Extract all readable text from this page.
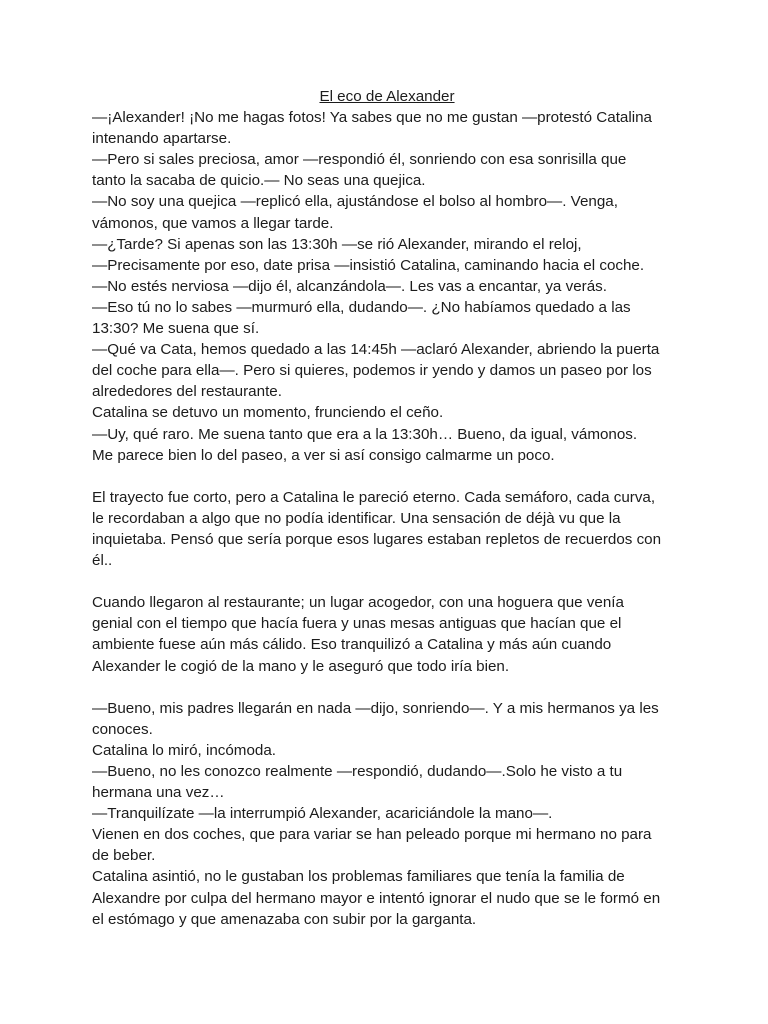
El eco de Alexander

—¡Alexander! ¡No me hagas fotos! Ya sabes que no me gustan —protestó Catalina
intenando apartarse.

—Pero si sales preciosa, amor —respondió él, sonriendo con esa sonrisilla que
tanto la sacaba de quicio.— No seas una quejica.

—No soy una quejica —replicó ella, ajustándose el bolso al hombro—. Venga,
vámonos, que vamos a llegar tarde.

—¿Tarde? Si apenas son las 13:30h —se rió Alexander, mirando el reloj,

—Precisamente por eso, date prisa —insistió Catalina, caminando hacia el coche.

—No estés nerviosa —dijo él, alcanzándola—. Les vas a encantar, ya verás.

—Eso tú no lo sabes —murmuró ella, dudando—. ¿No habíamos quedado a las
13:30? Me suena que sí.

—Qué va Cata, hemos quedado a las 14:45h —aclaró Alexander, abriendo la puerta
del coche para ella—. Pero si quieres, podemos ir yendo y damos un paseo por los
alrededores del restaurante.

Catalina se detuvo un momento, frunciendo el ceño.

—Uy, qué raro. Me suena tanto que era a la 13:30h… Bueno, da igual, vámonos.
Me parece bien lo del paseo, a ver si así consigo calmarme un poco.

El trayecto fue corto, pero a Catalina le pareció eterno. Cada semáforo, cada curva,
le recordaban a algo que no podía identificar. Una sensación de déjà vu que la
inquietaba. Pensó que sería porque esos lugares estaban repletos de recuerdos con
él..

Cuando llegaron al restaurante; un lugar acogedor, con una hoguera que venía
genial con el tiempo que hacía fuera y unas mesas antiguas que hacían que el
ambiente fuese aún más cálido. Eso tranquilizó a Catalina y más aún cuando
Alexander le cogió de la mano y le aseguró que todo iría bien.

—Bueno, mis padres llegarán en nada —dijo, sonriendo—. Y a mis hermanos ya les
conoces.

Catalina lo miró, incómoda.

—Bueno, no les conozco realmente —respondió, dudando—.Solo he visto a tu
hermana una vez…

—Tranquilízate —la interrumpió Alexander, acariciándole la mano—.

Vienen en dos coches, que para variar se han peleado porque mi hermano no para
de beber.

Catalina asintió, no le gustaban los problemas familiares que tenía la familia de
Alexandre por culpa del hermano mayor e intentó ignorar el nudo que se le formó en
el estómago y que amenazaba con subir por la garganta.
